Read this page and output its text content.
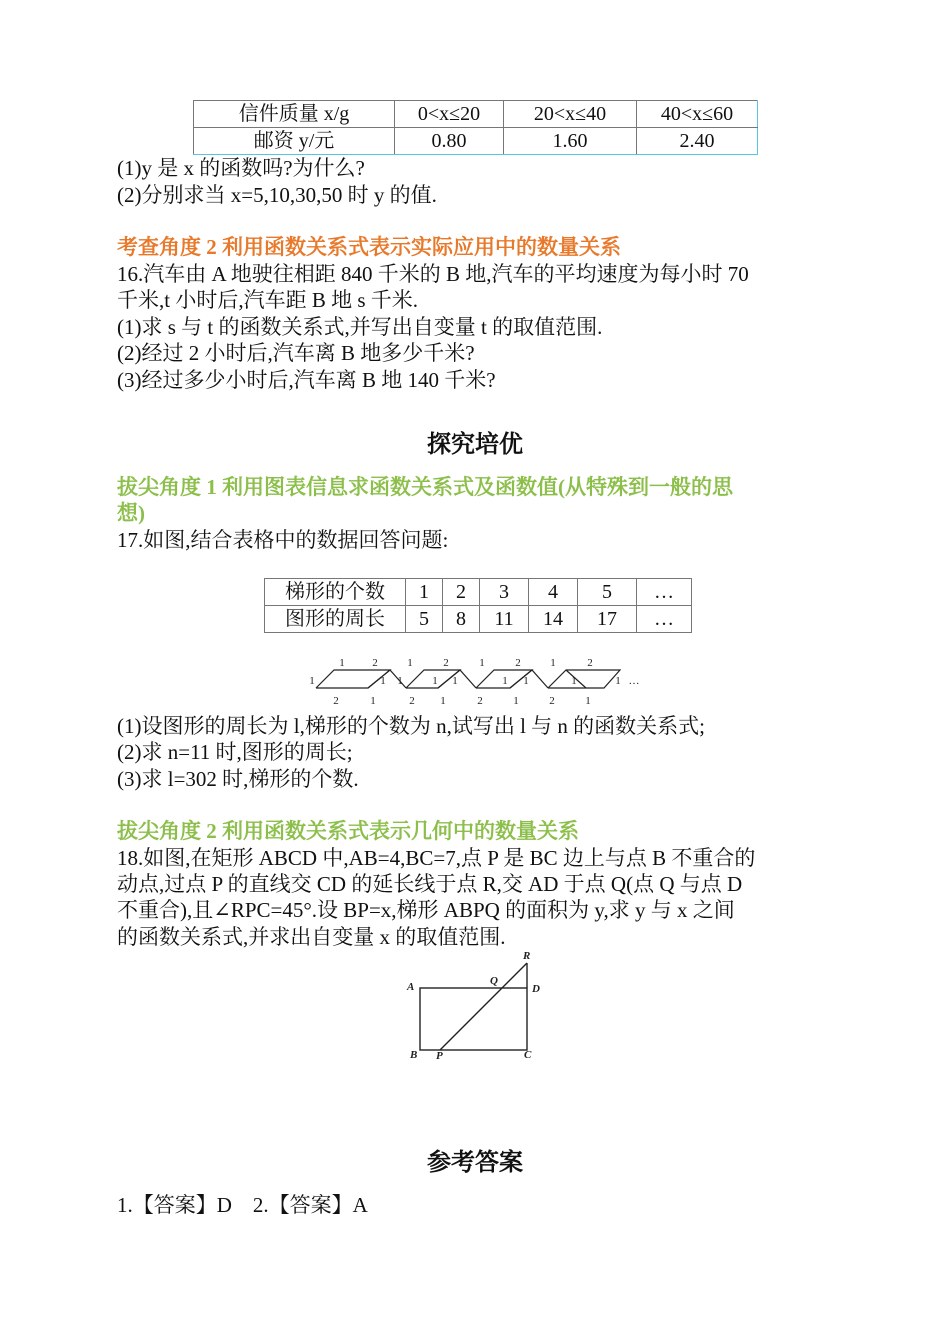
信件质量 x/g	0<x≤20	20<x≤40	40<x≤60
邮资 y/元	0.80	1.60	2.40
(1)y 是 x 的函数吗?为什么?
(2)分别求当 x=5,10,30,50 时 y 的值.
考查角度 2 利用函数关系式表示实际应用中的数量关系
16.汽车由 A 地驶往相距 840 千米的 B 地,汽车的平均速度为每小时 70
千米,t 小时后,汽车距 B 地 s 千米.
(1)求 s 与 t 的函数关系式,并写出自变量 t 的取值范围.
(2)经过 2 小时后,汽车离 B 地多少千米?
(3)经过多少小时后,汽车离 B 地 140 千米?
探究培优
拔尖角度 1 利用图表信息求函数关系式及函数值(从特殊到一般的思
想)
17.如图,结合表格中的数据回答问题:
梯形的个数	1	2	3	4	5	…
图形的周长	5	8	11	14	17	…
1	2	1	2	1	2	1	2
1	1 1	1 1	1 1	1	1 …
2	1	2 1	2	1	2	1
(1)设图形的周长为 l,梯形的个数为 n,试写出 l 与 n 的函数关系式;
(2)求 n=11 时,图形的周长;
(3)求 l=302 时,梯形的个数.
拔尖角度 2 利用函数关系式表示几何中的数量关系
18.如图,在矩形 ABCD 中,AB=4,BC=7,点 P 是 BC 边上与点 B 不重合的
动点,过点 P 的直线交 CD 的延长线于点 R,交 AD 于点 Q(点 Q 与点 D
不重合),且∠RPC=45°.设 BP=x,梯形 ABPQ 的面积为 y,求 y 与 x 之间
的函数关系式,并求出自变量 x 的取值范围.
A
B	C
D
P
Q
R
参考答案
1.【答案】D　2.【答案】A
